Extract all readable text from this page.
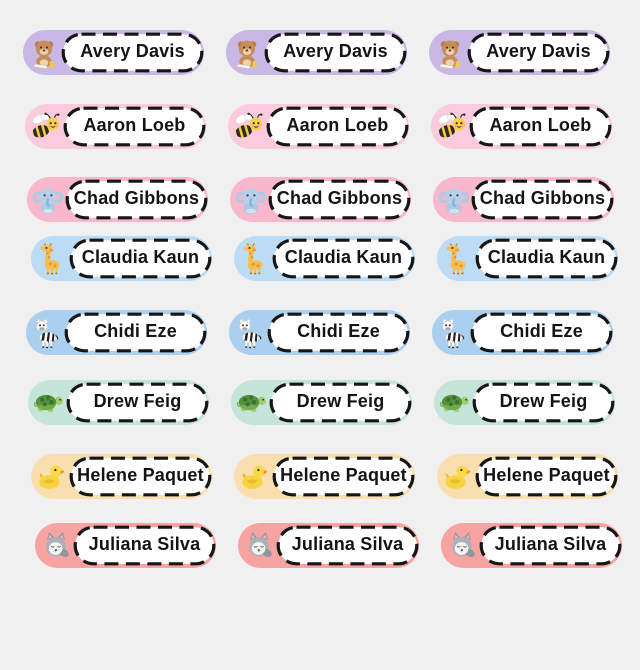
Avery Davis	Avery Davis	Avery Davis
Aaron Loeb	Aaron Loeb	Aaron Loeb
Chad Gibbons	Chad Gibbons	Chad Gibbons
Claudia Kaun	Claudia Kaun	Claudia Kaun
Chidi Eze	Chidi Eze	Chidi Eze
Drew Feig	Drew Feig	Drew Feig
Helene Paquet	Helene Paquet	Helene Paquet
Juliana Silva	Juliana Silva	Juliana Silva
